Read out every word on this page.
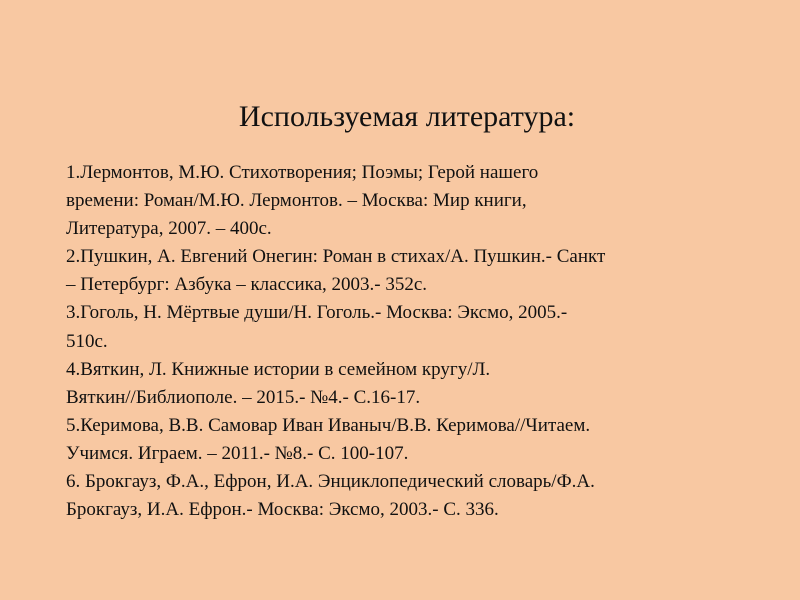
Используемая литература:
1.Лермонтов, М.Ю. Стихотворения; Поэмы; Герой нашего
времени: Роман/М.Ю. Лермонтов. – Москва: Мир книги,
Литература, 2007. – 400с.
2.Пушкин, А. Евгений Онегин: Роман в стихах/А. Пушкин.- Санкт
– Петербург: Азбука – классика, 2003.- 352с.
3.Гоголь, Н. Мёртвые души/Н. Гоголь.- Москва: Эксмо, 2005.-
510с.
4.Вяткин, Л. Книжные истории в семейном кругу/Л.
Вяткин//Библиополе. – 2015.- №4.- С.16-17.
5.Керимова, В.В. Самовар Иван Иваныч/В.В. Керимова//Читаем.
Учимся. Играем. – 2011.- №8.- С. 100-107.
6. Брокгауз, Ф.А., Ефрон, И.А. Энциклопедический словарь/Ф.А.
Брокгауз, И.А. Ефрон.- Москва: Эксмо, 2003.- С. 336.
